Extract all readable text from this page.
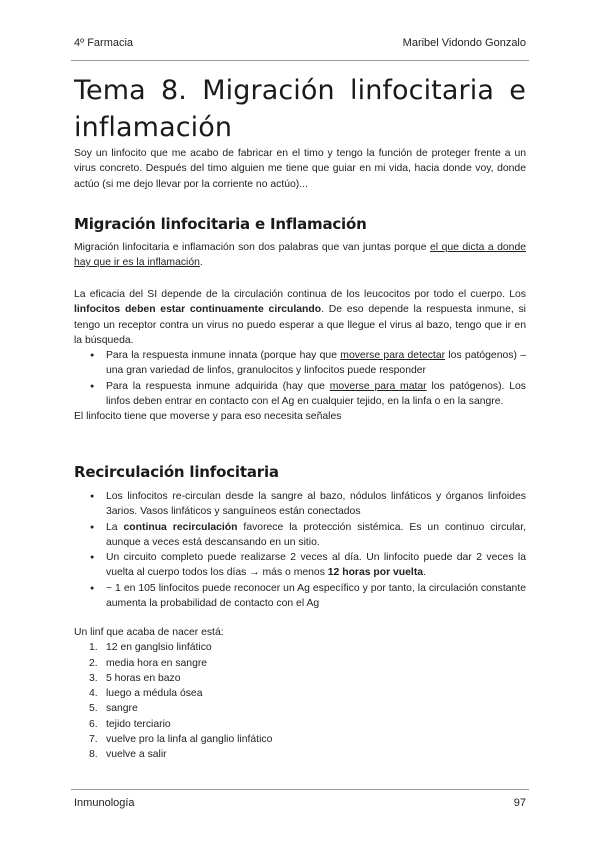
4º Farmacia	Maribel Vidondo Gonzalo
Tema 8. Migración linfocitaria e
inflamación
Soy un linfocito que me acabo de fabricar en el timo y tengo la función de proteger frente a un virus concreto. Después del timo alguien me tiene que guiar en mi vida, hacia donde voy, donde actúo (si me dejo llevar por la corriente no actúo)...
Migración linfocitaria e Inflamación
Migración linfocitaria e inflamación son dos palabras que van juntas porque el que dicta a donde hay que ir es la inflamación.
La eficacia del SI depende de la circulación continua de los leucocitos por todo el cuerpo. Los linfocitos deben estar continuamente circulando. De eso depende la respuesta inmune, si tengo un receptor contra un virus no puedo esperar a que llegue el virus al bazo, tengo que ir en la búsqueda.
● Para la respuesta inmune innata (porque hay que moverse para detectar los patógenos) – una gran variedad de linfos, granulocitos y linfocitos puede responder
● Para la respuesta inmune adquirida (hay que moverse para matar los patógenos). Los linfos deben entrar en contacto con el Ag en cualquier tejido, en la linfa o en la sangre.
El linfocito tiene que moverse y para eso necesita señales
Recirculación linfocitaria
● Los linfocitos re-circulan desde la sangre al bazo, nódulos linfáticos y órganos linfoides 3arios. Vasos linfáticos y sanguíneos están conectados
● La continua recirculación favorece la protección sistémica. Es un continuo circular, aunque a veces está descansando en un sitio.
● Un circuito completo puede realizarse 2 veces al día. Un linfocito puede dar 2 veces la vuelta al cuerpo todos los días → más o menos 12 horas por vuelta.
● ~ 1 en 105 linfocitos puede reconocer un Ag específico y por tanto, la circulación constante aumenta la probabilidad de contacto con el Ag
Un linf que acaba de nacer está:
1. 12 en ganglsio linfático
2. media hora en sangre
3. 5 horas en bazo
4. luego a médula ósea
5. sangre
6. tejido terciario
7. vuelve pro la linfa al ganglio linfático
8. vuelve a salir
Inmunología	97
